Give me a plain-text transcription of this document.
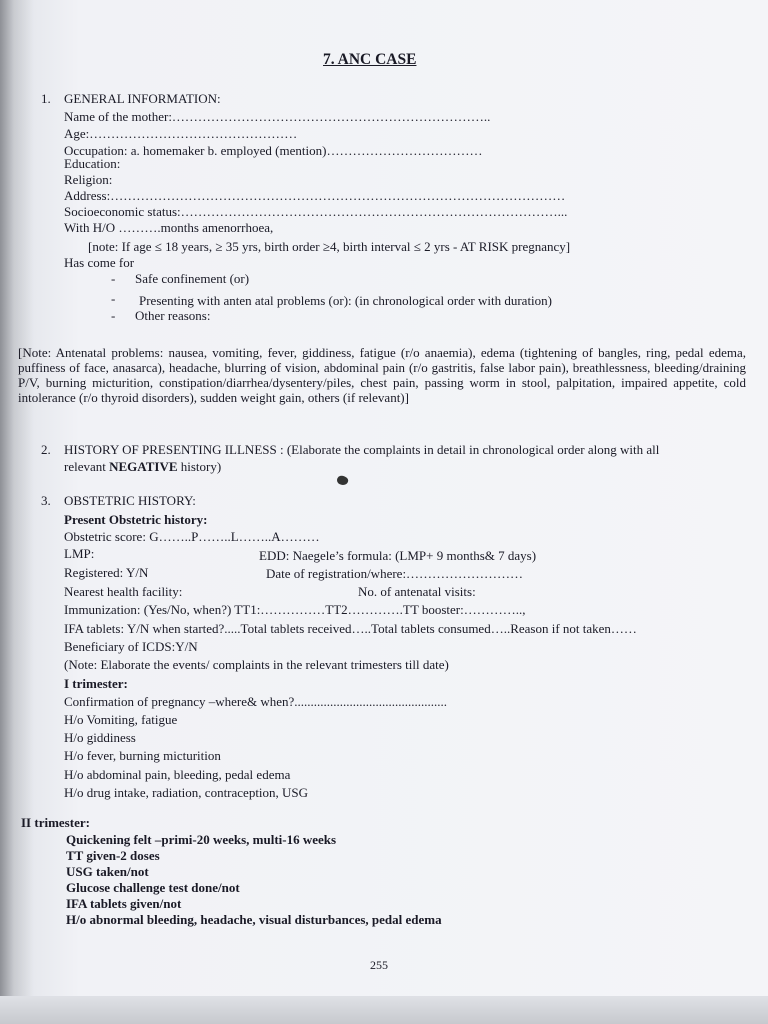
7. ANC CASE
1. GENERAL INFORMATION:
Name of the mother:………………………………………………………………..
Age:…………………………………………
Occupation: a. homemaker b. employed (mention)………………………………
Education:
Religion:
Address:……………………………………………………………………………………………
Socioeconomic status:……………………………………………………………………………...
With H/O ……….months amenorrhoea,
[note: If age ≤ 18 years, ≥ 35 yrs, birth order ≥4, birth interval ≤ 2 yrs - AT RISK pregnancy]
Has come for
- Safe confinement (or)
- Presenting with anten atal problems (or): (in chronological order with duration)
- Other reasons:
[Note: Antenatal problems: nausea, vomiting, fever, giddiness, fatigue (r/o anaemia), edema (tightening of bangles, ring, pedal edema, puffiness of face, anasarca), headache, blurring of vision, abdominal pain (r/o gastritis, false labor pain), breathlessness, bleeding/draining P/V, burning micturition, constipation/diarrhea/dysentery/piles, chest pain, passing worm in stool, palpitation, impaired appetite, cold intolerance (r/o thyroid disorders), sudden weight gain, others (if relevant)]
2. HISTORY OF PRESENTING ILLNESS : (Elaborate the complaints in detail in chronological order along with all
relevant NEGATIVE history)
3. OBSTETRIC HISTORY:
Present Obstetric history:
Obstetric score: G……..P……..L……..A………
LMP:	EDD: Naegele’s formula: (LMP+ 9 months& 7 days)
Registered: Y/N	Date of registration/where:………………………
Nearest health facility:	No. of antenatal visits:
Immunization: (Yes/No, when?) TT1:……………TT2………….TT booster:…………..,
IFA tablets: Y/N when started?.....Total tablets received…..Total tablets consumed…..Reason if not taken……
Beneficiary of ICDS:Y/N
(Note: Elaborate the events/ complaints in the relevant trimesters till date)
I trimester:
Confirmation of pregnancy –where& when?...............................................
H/o Vomiting, fatigue
H/o giddiness
H/o fever, burning micturition
H/o abdominal pain, bleeding, pedal edema
H/o drug intake, radiation, contraception, USG
II trimester:
Quickening felt –primi-20 weeks, multi-16 weeks
TT given-2 doses
USG taken/not
Glucose challenge test done/not
IFA tablets given/not
H/o abnormal bleeding, headache, visual disturbances, pedal edema
255
